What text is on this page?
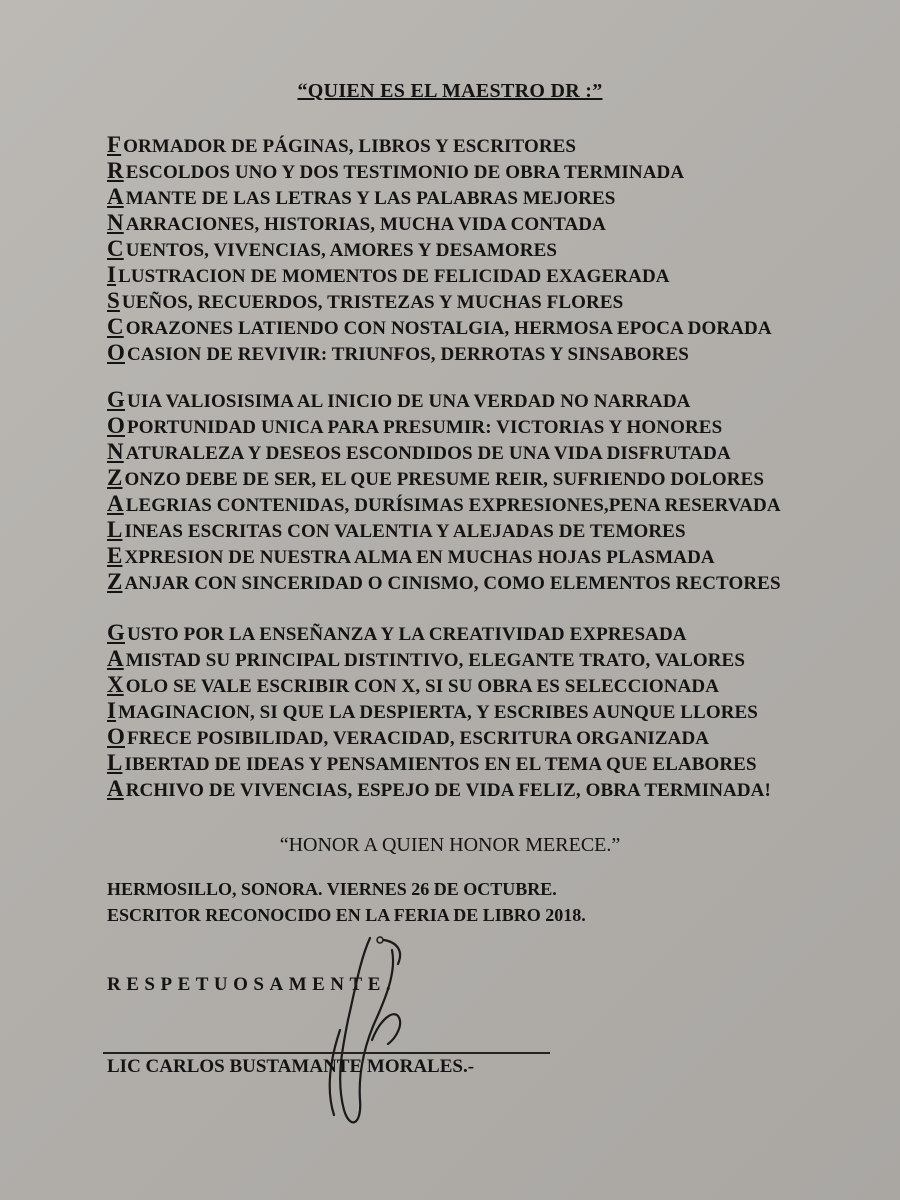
“QUIEN ES EL MAESTRO DR :”
F ORMADOR DE PÁGINAS, LIBROS Y ESCRITORES
R ESCOLDOS UNO Y DOS TESTIMONIO DE OBRA TERMINADA
A MANTE DE LAS LETRAS Y LAS PALABRAS MEJORES
N ARRACIONES, HISTORIAS, MUCHA VIDA CONTADA
C UENTOS, VIVENCIAS, AMORES Y DESAMORES
I LUSTRACION DE MOMENTOS DE FELICIDAD EXAGERADA
S UEÑOS, RECUERDOS, TRISTEZAS Y MUCHAS FLORES
C ORAZONES LATIENDO CON NOSTALGIA, HERMOSA EPOCA DORADA
O CASION DE REVIVIR: TRIUNFOS, DERROTAS Y SINSABORES
G UIA VALIOSISIMA AL INICIO DE UNA VERDAD NO NARRADA
O PORTUNIDAD UNICA PARA PRESUMIR: VICTORIAS Y HONORES
N ATURALEZA Y DESEOS ESCONDIDOS DE UNA VIDA DISFRUTADA
Z ONZO DEBE DE SER, EL QUE PRESUME REIR, SUFRIENDO DOLORES
A LEGRIAS CONTENIDAS, DURÍSIMAS EXPRESIONES,PENA RESERVADA
L INEAS ESCRITAS CON VALENTIA Y ALEJADAS DE TEMORES
E XPRESION DE NUESTRA ALMA EN MUCHAS HOJAS PLASMADA
Z ANJAR CON SINCERIDAD O CINISMO, COMO ELEMENTOS RECTORES
G USTO POR LA ENSEÑANZA Y LA CREATIVIDAD EXPRESADA
A MISTAD SU PRINCIPAL DISTINTIVO, ELEGANTE TRATO, VALORES
X OLO SE VALE ESCRIBIR CON X, SI SU OBRA ES SELECCIONADA
I MAGINACION, SI QUE LA DESPIERTA, Y ESCRIBES AUNQUE LLORES
O FRECE POSIBILIDAD, VERACIDAD, ESCRITURA ORGANIZADA
L IBERTAD DE IDEAS Y PENSAMIENTOS EN EL TEMA QUE ELABORES
A RCHIVO DE VIVENCIAS, ESPEJO DE VIDA FELIZ, OBRA TERMINADA!
“HONOR A QUIEN HONOR MERECE.”
HERMOSILLO, SONORA. VIERNES 26 DE OCTUBRE.
ESCRITOR RECONOCIDO EN LA FERIA DE LIBRO 2018.
RESPETUOSAMENTE.
LIC CARLOS BUSTAMANTE MORALES.-
